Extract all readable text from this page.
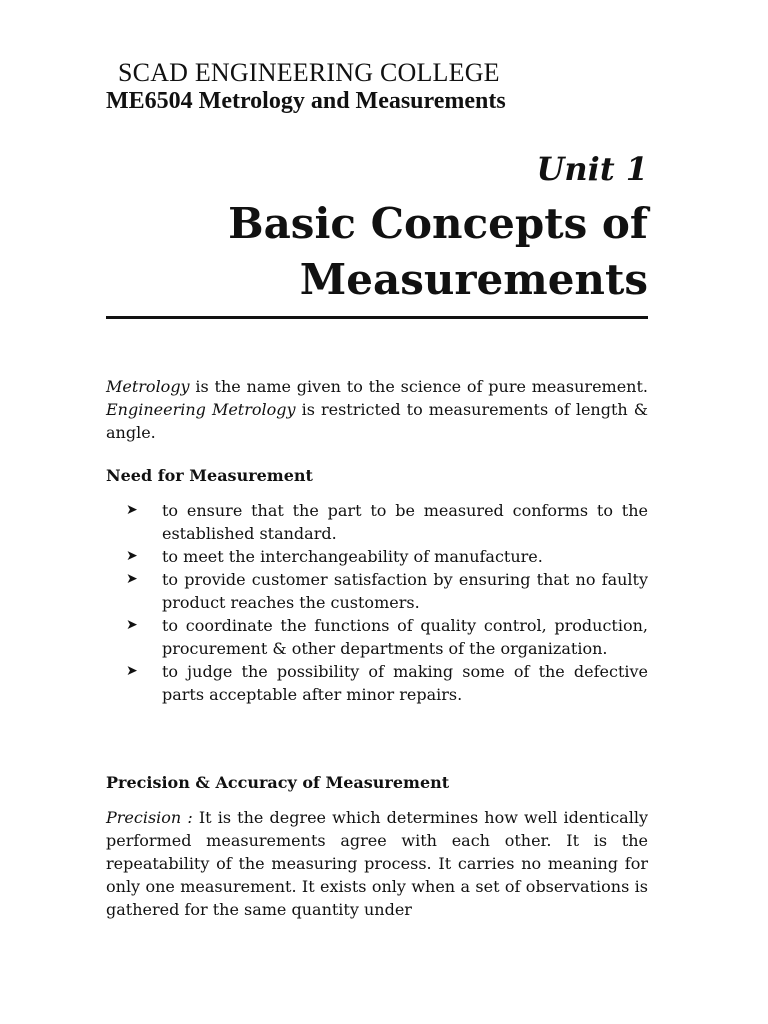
SCAD ENGINEERING COLLEGE
ME6504 Metrology and Measurements
Unit 1
Basic Concepts of
Measurements
Metrology is the name given to the science of pure measurement. Engineering Metrology is restricted to measurements of length & angle.
Need for Measurement
➤ to ensure that the part to be measured conforms to the established standard.
➤ to meet the interchangeability of manufacture.
➤ to provide customer satisfaction by ensuring that no faulty product reaches the customers.
➤ to coordinate the functions of quality control, production, procurement & other departments of the organization.
➤ to judge the possibility of making some of the defective parts acceptable after minor repairs.
Precision & Accuracy of Measurement
Precision : It is the degree which determines how well identically performed measurements agree with each other. It is the repeatability of the measuring process. It carries no meaning for only one measurement. It exists only when a set of observations is gathered for the same quantity under
